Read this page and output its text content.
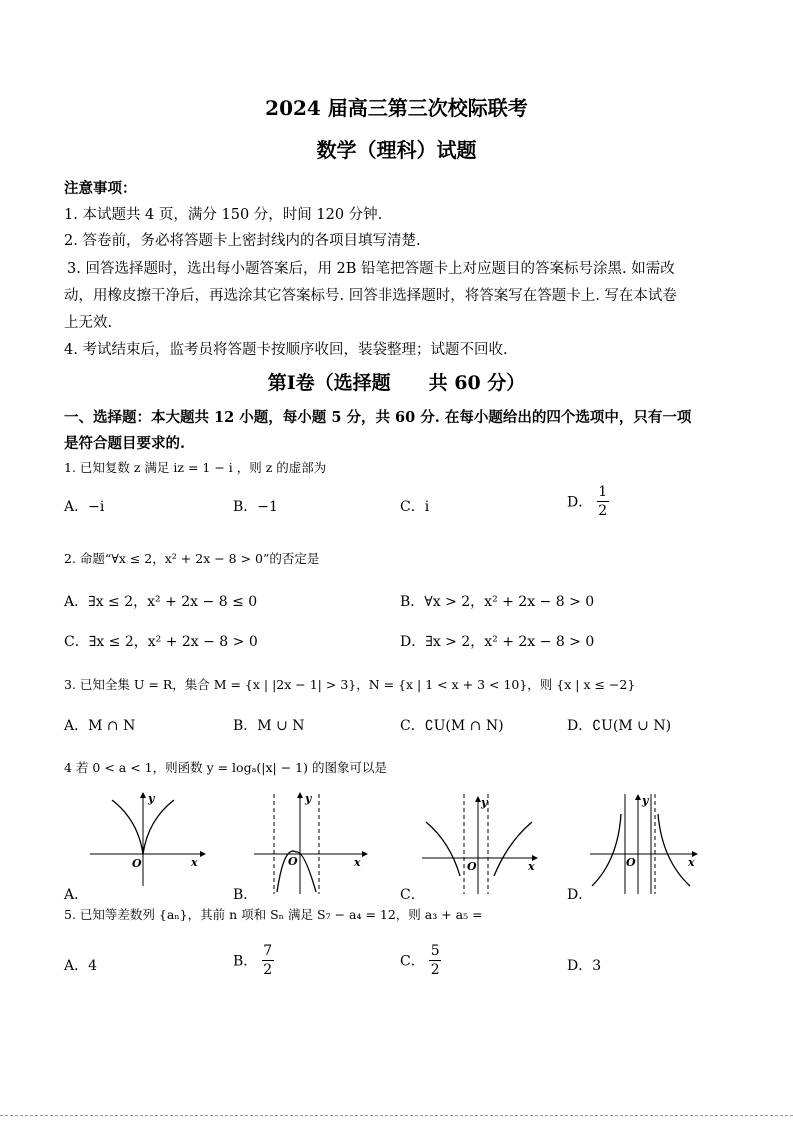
2024 届高三第三次校际联考
数学（理科）试题
注意事项：
1. 本试题共 4 页，满分 150 分，时间 120 分钟.
2. 答卷前，务必将答题卡上密封线内的各项目填写清楚.
3. 回答选择题时，选出每小题答案后，用 2B 铅笔把答题卡上对应题目的答案标号涂黑. 如需改
动，用橡皮擦干净后，再选涂其它答案标号. 回答非选择题时，将答案写在答题卡上. 写在本试卷
上无效.
4. 考试结束后，监考员将答题卡按顺序收回，装袋整理；试题不回收.
第Ⅰ卷（选择题　　共 60 分）
一、选择题：本大题共 12 小题，每小题 5 分，共 60 分. 在每小题给出的四个选项中，只有一项
是符合题目要求的.
1. 已知复数 z 满足 iz = 1 − i ，则 z 的虚部为
A．−i	B．−1	C．i	D． $\frac{1}{2}$
2. 命题“∀x ≤ 2，x² + 2x − 8 > 0”的否定是
A．∃x ≤ 2，x² + 2x − 8 ≤ 0	B．∀x > 2，x² + 2x − 8 > 0
C．∃x ≤ 2，x² + 2x − 8 > 0	D．∃x > 2，x² + 2x − 8 > 0
3. 已知全集 U = R，集合 M = {x | |2x − 1| > 3}，N = {x | 1 < x + 3 < 10}，则 {x | x ≤ −2}
A．M ∩ N	B．M ∪ N	C．∁U(M ∩ N)	D．∁U(M ∪ N)
4 若 0 < a < 1，则函数 y = logₐ(|x| − 1) 的图象可以是
O	x
y
A．
O	x
y
B．
O	x
y
C．
O	x
y
D．
5. 已知等差数列 {aₙ}，其前 n 项和 Sₙ 满足 S₇ − a₄ = 12，则 a₃ + a₅ =
A．4	B． $\frac{7}{2}$	C． $\frac{5}{2}$	D．3
